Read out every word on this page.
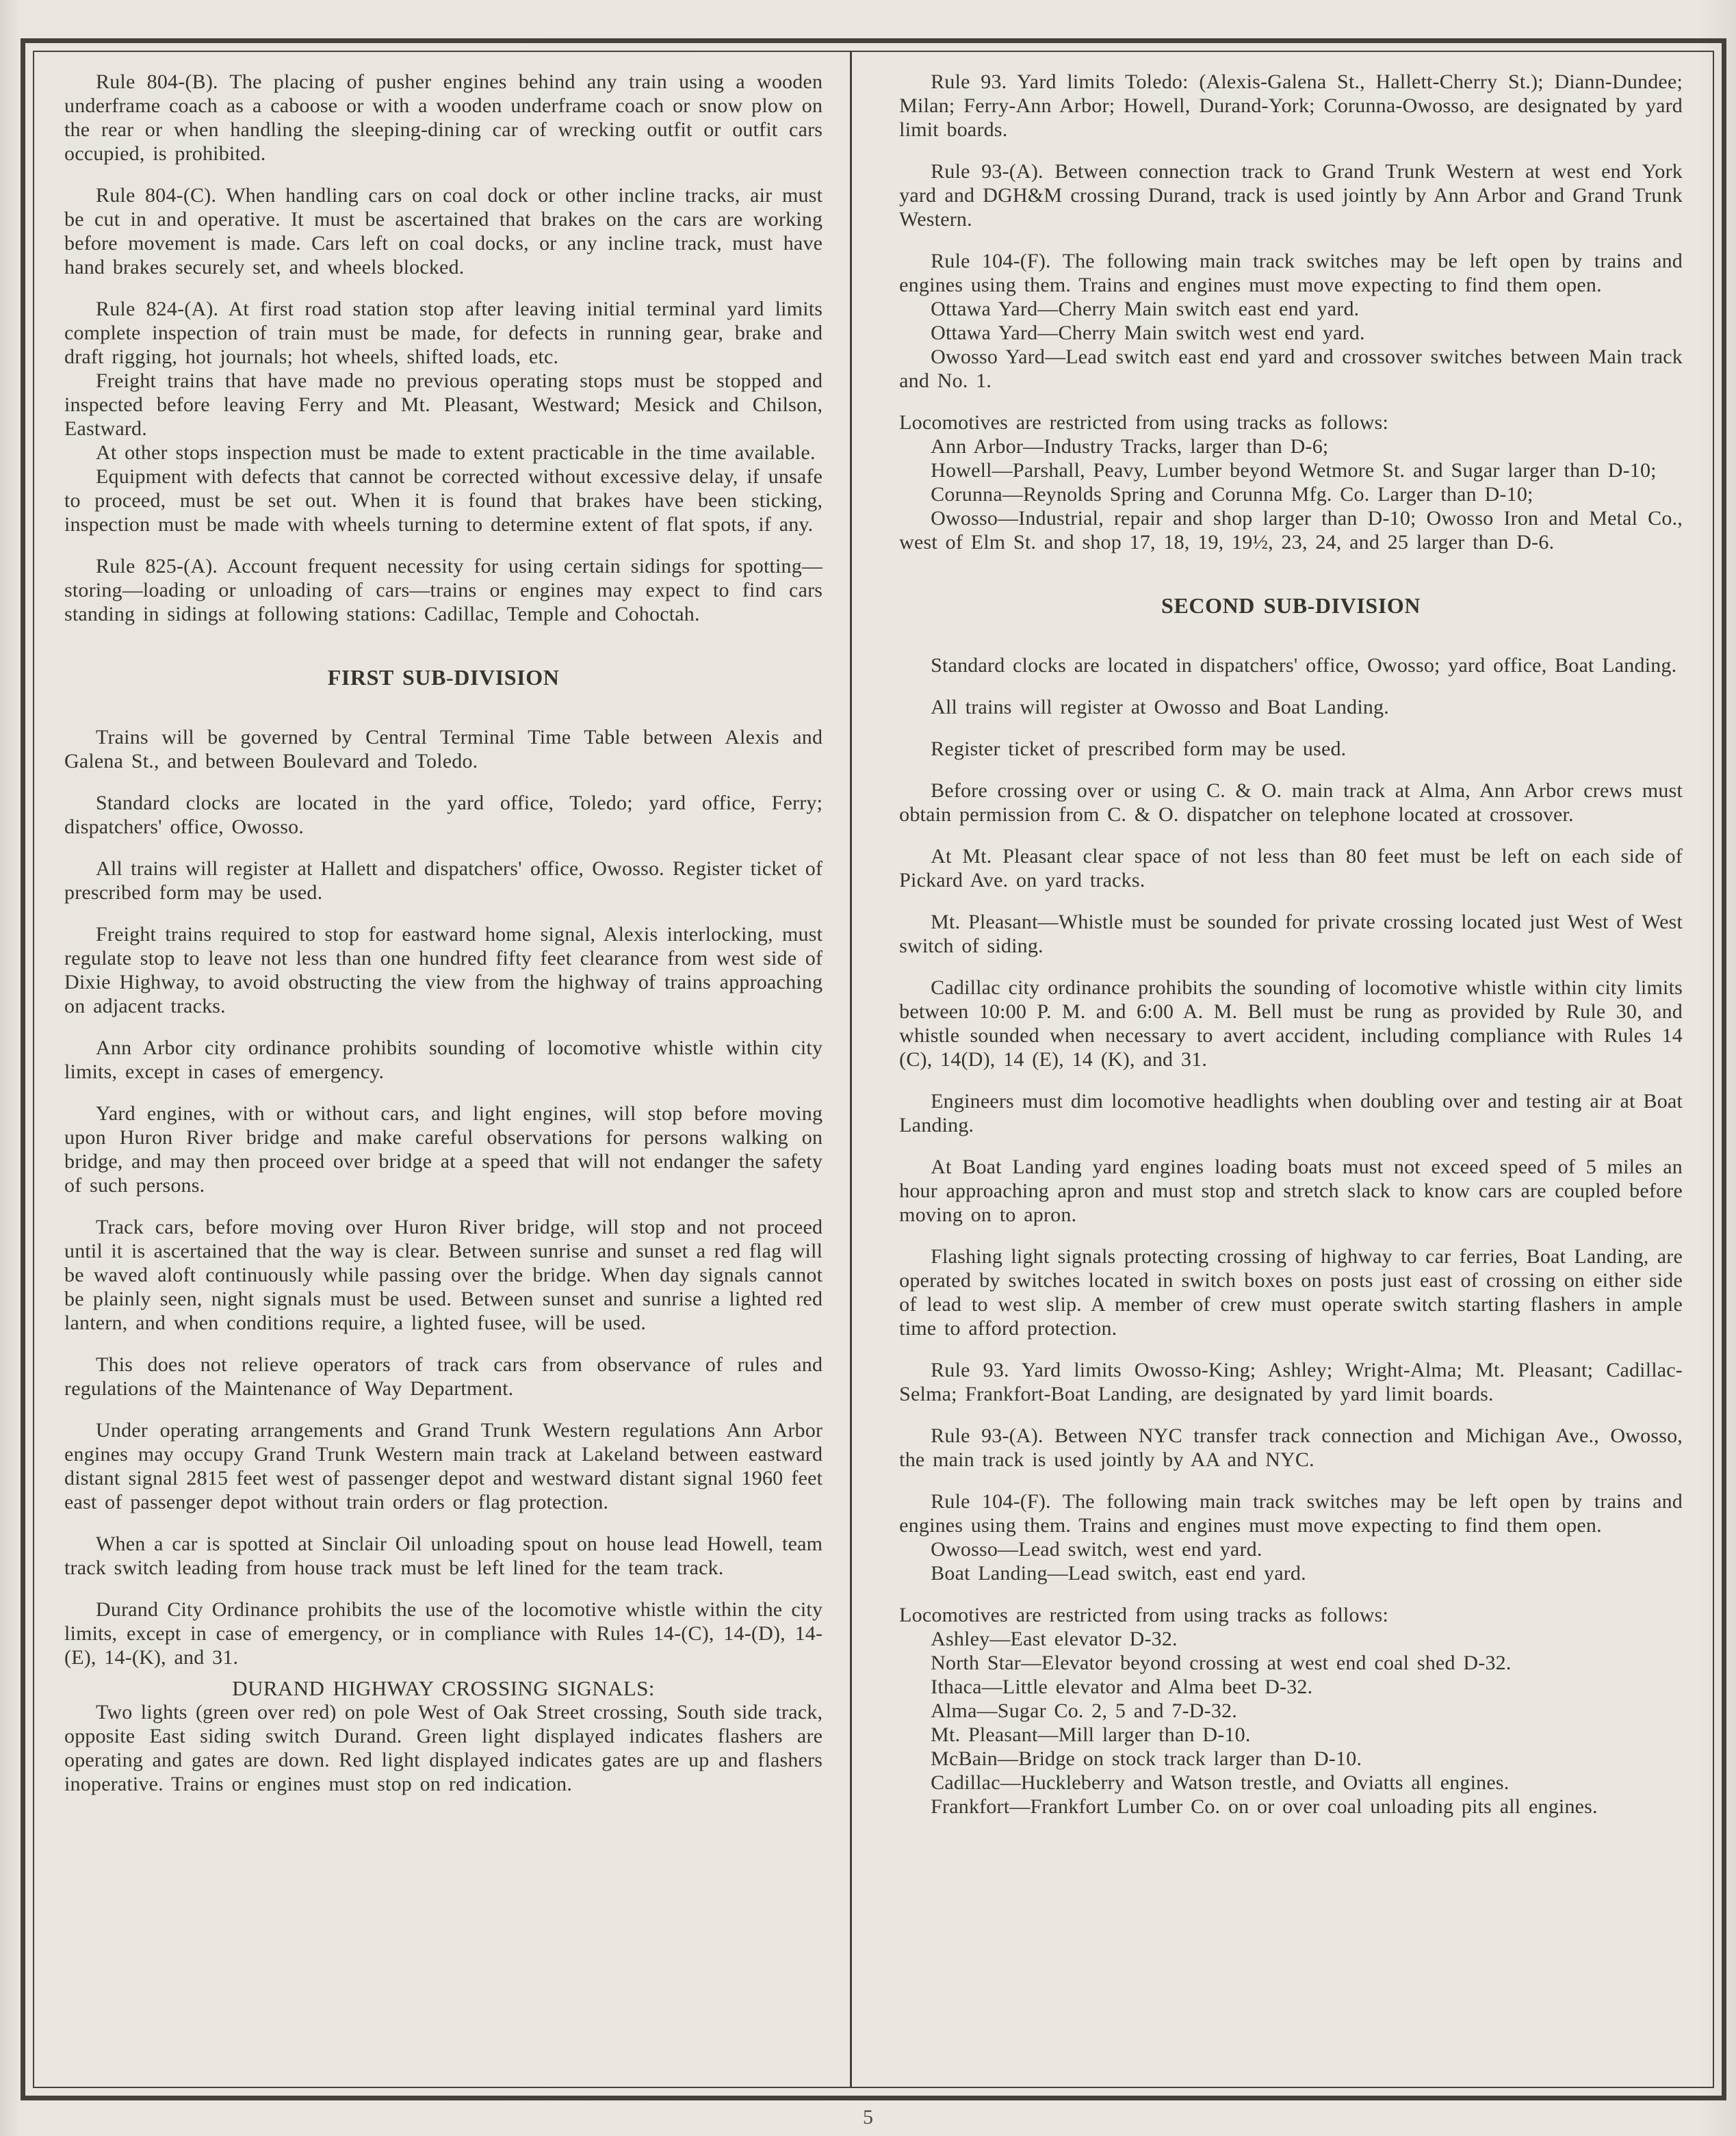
Rule 804-(B). The placing of pusher engines behind any train using a wooden underframe coach as a caboose or with a wooden underframe coach or snow plow on the rear or when handling the sleeping-dining car of wrecking outfit or outfit cars occupied, is prohibited.
Rule 804-(C). When handling cars on coal dock or other incline tracks, air must be cut in and operative. It must be ascertained that brakes on the cars are working before movement is made. Cars left on coal docks, or any incline track, must have hand brakes securely set, and wheels blocked.
Rule 824-(A). At first road station stop after leaving initial terminal yard limits complete inspection of train must be made, for defects in running gear, brake and draft rigging, hot journals; hot wheels, shifted loads, etc.
Freight trains that have made no previous operating stops must be stopped and inspected before leaving Ferry and Mt. Pleasant, Westward; Mesick and Chilson, Eastward.
At other stops inspection must be made to extent practicable in the time available.
Equipment with defects that cannot be corrected without excessive delay, if unsafe to proceed, must be set out. When it is found that brakes have been sticking, inspection must be made with wheels turning to determine extent of flat spots, if any.
Rule 825-(A). Account frequent necessity for using certain sidings for spotting—storing—loading or unloading of cars—trains or engines may expect to find cars standing in sidings at following stations: Cadillac, Temple and Cohoctah.
FIRST SUB-DIVISION
Trains will be governed by Central Terminal Time Table between Alexis and Galena St., and between Boulevard and Toledo.
Standard clocks are located in the yard office, Toledo; yard office, Ferry; dispatchers' office, Owosso.
All trains will register at Hallett and dispatchers' office, Owosso. Register ticket of prescribed form may be used.
Freight trains required to stop for eastward home signal, Alexis interlocking, must regulate stop to leave not less than one hundred fifty feet clearance from west side of Dixie Highway, to avoid obstructing the view from the highway of trains approaching on adjacent tracks.
Ann Arbor city ordinance prohibits sounding of locomotive whistle within city limits, except in cases of emergency.
Yard engines, with or without cars, and light engines, will stop before moving upon Huron River bridge and make careful observations for persons walking on bridge, and may then proceed over bridge at a speed that will not endanger the safety of such persons.
Track cars, before moving over Huron River bridge, will stop and not proceed until it is ascertained that the way is clear. Between sunrise and sunset a red flag will be waved aloft continuously while passing over the bridge. When day signals cannot be plainly seen, night signals must be used. Between sunset and sunrise a lighted red lantern, and when conditions require, a lighted fusee, will be used.
This does not relieve operators of track cars from observance of rules and regulations of the Maintenance of Way Department.
Under operating arrangements and Grand Trunk Western regulations Ann Arbor engines may occupy Grand Trunk Western main track at Lakeland between eastward distant signal 2815 feet west of passenger depot and westward distant signal 1960 feet east of passenger depot without train orders or flag protection.
When a car is spotted at Sinclair Oil unloading spout on house lead Howell, team track switch leading from house track must be left lined for the team track.
Durand City Ordinance prohibits the use of the locomotive whistle within the city limits, except in case of emergency, or in compliance with Rules 14-(C), 14-(D), 14-(E), 14-(K), and 31.
DURAND HIGHWAY CROSSING SIGNALS:
Two lights (green over red) on pole West of Oak Street crossing, South side track, opposite East siding switch Durand. Green light displayed indicates flashers are operating and gates are down. Red light displayed indicates gates are up and flashers inoperative. Trains or engines must stop on red indication.
Rule 93. Yard limits Toledo: (Alexis-Galena St., Hallett-Cherry St.); Diann-Dundee; Milan; Ferry-Ann Arbor; Howell, Durand-York; Corunna-Owosso, are designated by yard limit boards.
Rule 93-(A). Between connection track to Grand Trunk Western at west end York yard and DGH&M crossing Durand, track is used jointly by Ann Arbor and Grand Trunk Western.
Rule 104-(F). The following main track switches may be left open by trains and engines using them. Trains and engines must move expecting to find them open.
Ottawa Yard—Cherry Main switch east end yard.
Ottawa Yard—Cherry Main switch west end yard.
Owosso Yard—Lead switch east end yard and crossover switches between Main track and No. 1.
Locomotives are restricted from using tracks as follows:
Ann Arbor—Industry Tracks, larger than D-6;
Howell—Parshall, Peavy, Lumber beyond Wetmore St. and Sugar larger than D-10;
Corunna—Reynolds Spring and Corunna Mfg. Co. Larger than D-10;
Owosso—Industrial, repair and shop larger than D-10; Owosso Iron and Metal Co., west of Elm St. and shop 17, 18, 19, 19½, 23, 24, and 25 larger than D-6.
SECOND SUB-DIVISION
Standard clocks are located in dispatchers' office, Owosso; yard office, Boat Landing.
All trains will register at Owosso and Boat Landing.
Register ticket of prescribed form may be used.
Before crossing over or using C. & O. main track at Alma, Ann Arbor crews must obtain permission from C. & O. dispatcher on telephone located at crossover.
At Mt. Pleasant clear space of not less than 80 feet must be left on each side of Pickard Ave. on yard tracks.
Mt. Pleasant—Whistle must be sounded for private crossing located just West of West switch of siding.
Cadillac city ordinance prohibits the sounding of locomotive whistle within city limits between 10:00 P. M. and 6:00 A. M. Bell must be rung as provided by Rule 30, and whistle sounded when necessary to avert accident, including compliance with Rules 14 (C), 14(D), 14 (E), 14 (K), and 31.
Engineers must dim locomotive headlights when doubling over and testing air at Boat Landing.
At Boat Landing yard engines loading boats must not exceed speed of 5 miles an hour approaching apron and must stop and stretch slack to know cars are coupled before moving on to apron.
Flashing light signals protecting crossing of highway to car ferries, Boat Landing, are operated by switches located in switch boxes on posts just east of crossing on either side of lead to west slip. A member of crew must operate switch starting flashers in ample time to afford protection.
Rule 93. Yard limits Owosso-King; Ashley; Wright-Alma; Mt. Pleasant; Cadillac-Selma; Frankfort-Boat Landing, are designated by yard limit boards.
Rule 93-(A). Between NYC transfer track connection and Michigan Ave., Owosso, the main track is used jointly by AA and NYC.
Rule 104-(F). The following main track switches may be left open by trains and engines using them. Trains and engines must move expecting to find them open.
Owosso—Lead switch, west end yard.
Boat Landing—Lead switch, east end yard.
Locomotives are restricted from using tracks as follows:
Ashley—East elevator D-32.
North Star—Elevator beyond crossing at west end coal shed D-32.
Ithaca—Little elevator and Alma beet D-32.
Alma—Sugar Co. 2, 5 and 7-D-32.
Mt. Pleasant—Mill larger than D-10.
McBain—Bridge on stock track larger than D-10.
Cadillac—Huckleberry and Watson trestle, and Oviatts all engines.
Frankfort—Frankfort Lumber Co. on or over coal unloading pits all engines.
5
